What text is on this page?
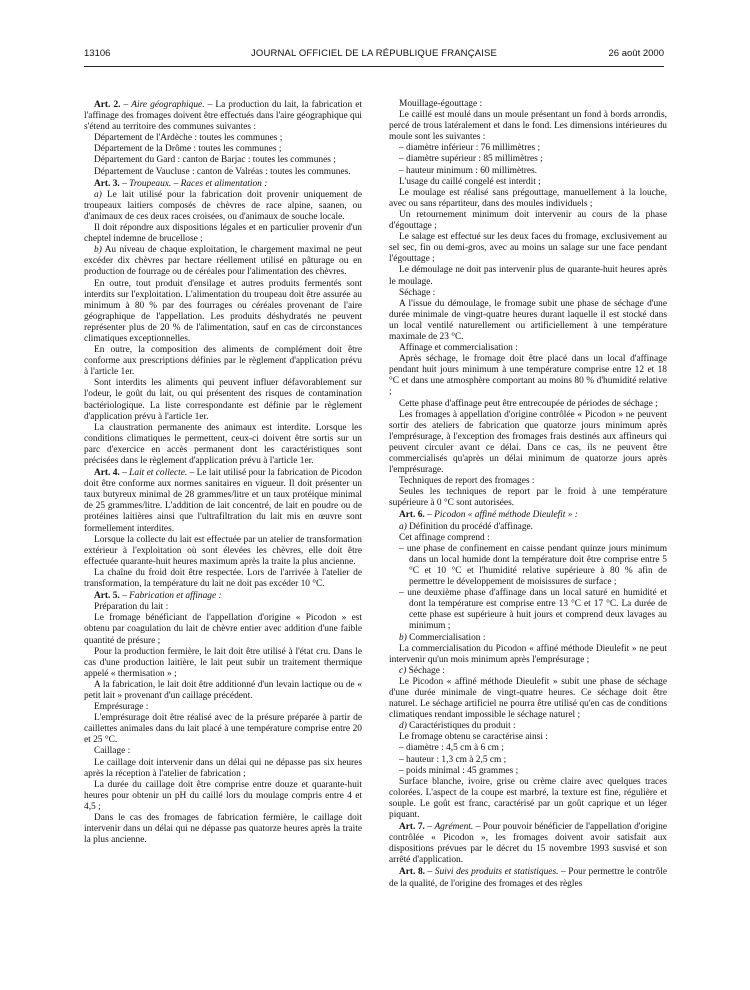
13106	JOURNAL OFFICIEL DE LA RÉPUBLIQUE FRANÇAISE	26 août 2000

Art. 2. – Aire géographique. – La production du lait, la fabrication et l'affinage des fromages doivent être effectués dans l'aire géographique qui s'étend au territoire des communes suivantes :

Département de l'Ardèche : toutes les communes ;

Département de la Drôme : toutes les communes ;

Département du Gard : canton de Barjac : toutes les communes ;

Département de Vaucluse : canton de Valréas : toutes les communes.

Art. 3. – Troupeaux. – Races et alimentation :

a) Le lait utilisé pour la fabrication doit provenir uniquement de troupeaux laitiers composés de chèvres de race alpine, saanen, ou d'animaux de ces deux races croisées, ou d'animaux de souche locale.

Il doit répondre aux dispositions légales et en particulier provenir d'un cheptel indemne de brucellose ;

b) Au niveau de chaque exploitation, le chargement maximal ne peut excéder dix chèvres par hectare réellement utilisé en pâturage ou en production de fourrage ou de céréales pour l'alimentation des chèvres.

En outre, tout produit d'ensilage et autres produits fermentés sont interdits sur l'exploitation. L'alimentation du troupeau doit être assurée au minimum à 80 % par des fourrages ou céréales provenant de l'aire géographique de l'appellation. Les produits déshydratés ne peuvent représenter plus de 20 % de l'alimentation, sauf en cas de circonstances climatiques exceptionnelles.

En outre, la composition des aliments de complément doit être conforme aux prescriptions définies par le règlement d'application prévu à l'article 1er.

Sont interdits les aliments qui peuvent influer défavorablement sur l'odeur, le goût du lait, ou qui présentent des risques de contamination bactériologique. La liste correspondante est définie par le règlement d'application prévu à l'article 1er.

La claustration permanente des animaux est interdite. Lorsque les conditions climatiques le permettent, ceux-ci doivent être sortis sur un parc d'exercice en accès permanent dont les caractéristiques sont précisées dans le règlement d'application prévu à l'article 1er.

Art. 4. – Lait et collecte. – Le lait utilisé pour la fabrication de Picodon doit être conforme aux normes sanitaires en vigueur. Il doit présenter un taux butyreux minimal de 28 grammes/litre et un taux protéique minimal de 25 grammes/litre. L'addition de lait concentré, de lait en poudre ou de protéines laitières ainsi que l'ultrafiltration du lait mis en œuvre sont formellement interdites.

Lorsque la collecte du lait est effectuée par un atelier de transformation extérieur à l'exploitation où sont élevées les chèvres, elle doit être effectuée quarante-huit heures maximum après la traite la plus ancienne.

La chaîne du froid doit être respectée. Lors de l'arrivée à l'atelier de transformation, la température du lait ne doit pas excéder 10 °C.

Art. 5. – Fabrication et affinage :

Préparation du lait :

Le fromage bénéficiant de l'appellation d'origine « Picodon » est obtenu par coagulation du lait de chèvre entier avec addition d'une faible quantité de présure ;

Pour la production fermière, le lait doit être utilisé à l'état cru. Dans le cas d'une production laitière, le lait peut subir un traitement thermique appelé « thermisation » ;

A la fabrication, le lait doit être additionné d'un levain lactique ou de « petit lait » provenant d'un caillage précédent.

Emprésurage :

L'emprésurage doit être réalisé avec de la présure préparée à partir de caillettes animales dans du lait placé à une température comprise entre 20 et 25 °C.

Caillage :

Le caillage doit intervenir dans un délai qui ne dépasse pas six heures après la réception à l'atelier de fabrication ;

La durée du caillage doit être comprise entre douze et quarante-huit heures pour obtenir un pH du caillé lors du moulage compris entre 4 et 4,5 ;

Dans le cas des fromages de fabrication fermière, le caillage doit intervenir dans un délai qui ne dépasse pas quatorze heures après la traite la plus ancienne.

Mouillage-égouttage :

Le caillé est moulé dans un moule présentant un fond à bords arrondis, percé de trous latéralement et dans le fond. Les dimensions intérieures du moule sont les suivantes :

– diamètre inférieur : 76 millimètres ;

– diamètre supérieur : 85 millimètres ;

– hauteur minimum : 60 millimètres.

L'usage du caillé congelé est interdit ;

Le moulage est réalisé sans prégouttage, manuellement à la louche, avec ou sans répartiteur, dans des moules individuels ;

Un retournement minimum doit intervenir au cours de la phase d'égouttage ;

Le salage est effectué sur les deux faces du fromage, exclusivement au sel sec, fin ou demi-gros, avec au moins un salage sur une face pendant l'égouttage ;

Le démoulage ne doit pas intervenir plus de quarante-huit heures après le moulage.

Séchage :

A l'issue du démoulage, le fromage subit une phase de séchage d'une durée minimale de vingt-quatre heures durant laquelle il est stocké dans un local ventilé naturellement ou artificiellement à une température maximale de 23 °C.

Affinage et commercialisation :

Après séchage, le fromage doit être placé dans un local d'affinage pendant huit jours minimum à une température comprise entre 12 et 18 °C et dans une atmosphère comportant au moins 80 % d'humidité relative ;

Cette phase d'affinage peut être entrecoupée de périodes de séchage ;

Les fromages à appellation d'origine contrôlée « Picodon » ne peuvent sortir des ateliers de fabrication que quatorze jours minimum après l'emprésurage, à l'exception des fromages frais destinés aux affineurs qui peuvent circuler avant ce délai. Dans ce cas, ils ne peuvent être commercialisés qu'après un délai minimum de quatorze jours après l'emprésurage.

Techniques de report des fromages :

Seules les techniques de report par le froid à une température supérieure à 0 °C sont autorisées.

Art. 6. – Picodon « affiné méthode Dieulefit » :

a) Définition du procédé d'affinage.

Cet affinage comprend :

– une phase de confinement en caisse pendant quinze jours minimum dans un local humide dont la température doit être comprise entre 5 °C et 10 °C et l'humidité relative supérieure à 80 % afin de permettre le développement de moisissures de surface ;

– une deuxième phase d'affinage dans un local saturé en humidité et dont la température est comprise entre 13 °C et 17 °C. La durée de cette phase est supérieure à huit jours et comprend deux lavages au minimum ;

b) Commercialisation :

La commercialisation du Picodon « affiné méthode Dieulefit » ne peut intervenir qu'un mois minimum après l'emprésurage ;

c) Séchage :

Le Picodon « affiné méthode Dieulefit » subit une phase de séchage d'une durée minimale de vingt-quatre heures. Ce séchage doit être naturel. Le séchage artificiel ne pourra être utilisé qu'en cas de conditions climatiques rendant impossible le séchage naturel ;

d) Caractéristiques du produit :

Le fromage obtenu se caractérise ainsi :

– diamètre : 4,5 cm à 6 cm ;

– hauteur : 1,3 cm à 2,5 cm ;

– poids minimal : 45 grammes ;

Surface blanche, ivoire, grise ou crème claire avec quelques traces colorées. L'aspect de la coupe est marbré, la texture est fine, régulière et souple. Le goût est franc, caractérisé par un goût caprique et un léger piquant.

Art. 7. – Agrément. – Pour pouvoir bénéficier de l'appellation d'origine contrôlée « Picodon », les fromages doivent avoir satisfait aux dispositions prévues par le décret du 15 novembre 1993 susvisé et son arrêté d'application.

Art. 8. – Suivi des produits et statistiques. – Pour permettre le contrôle de la qualité, de l'origine des fromages et des règles
